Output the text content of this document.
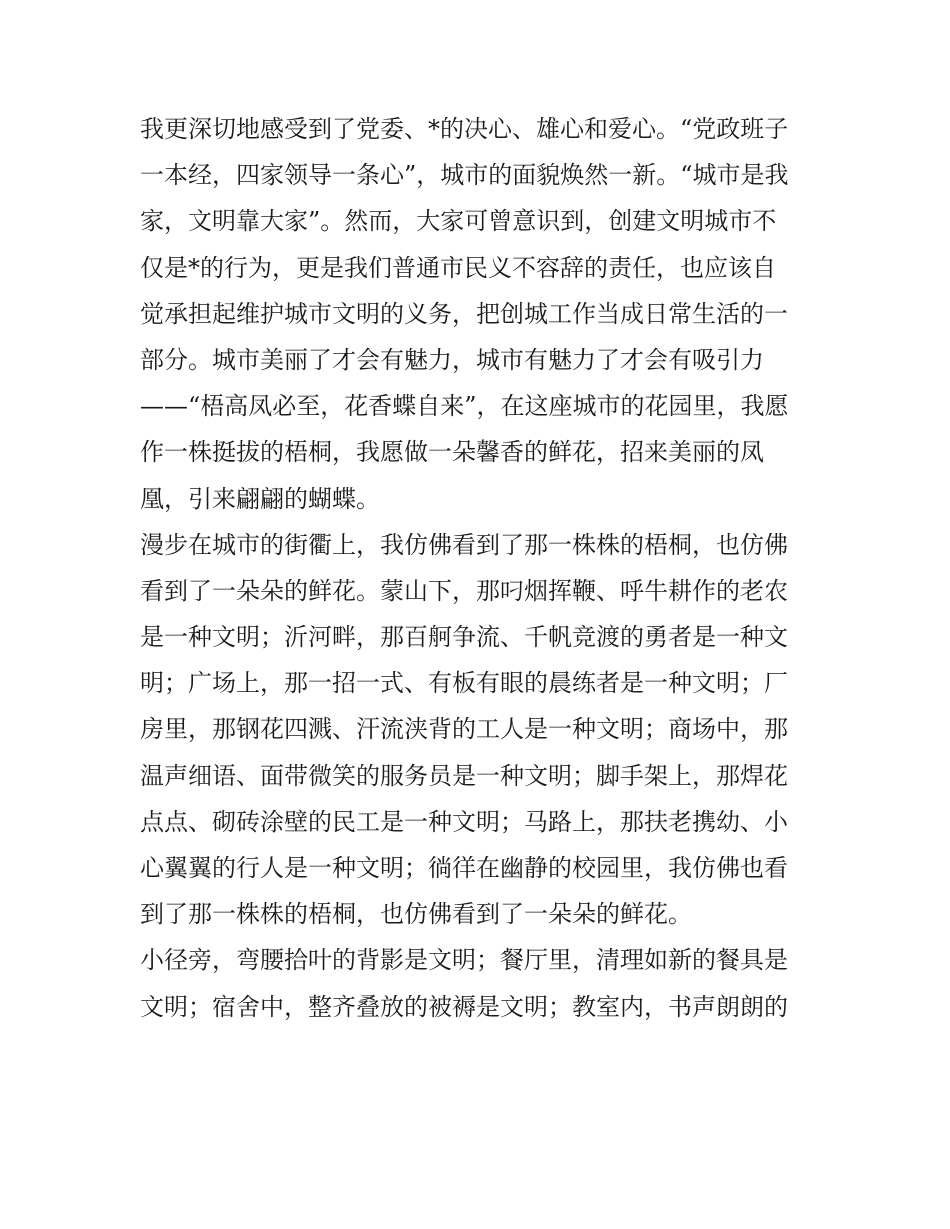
我更深切地感受到了党委、*的决心、雄心和爱心。“党政班子
一本经，四家领导一条心”，城市的面貌焕然一新。“城市是我
家，文明靠大家”。然而，大家可曾意识到，创建文明城市不
仅是*的行为，更是我们普通市民义不容辞的责任，也应该自
觉承担起维护城市文明的义务，把创城工作当成日常生活的一
部分。城市美丽了才会有魅力，城市有魅力了才会有吸引力
——“梧高凤必至，花香蝶自来”，在这座城市的花园里，我愿
作一株挺拔的梧桐，我愿做一朵馨香的鲜花，招来美丽的凤
凰，引来翩翩的蝴蝶。
漫步在城市的街衢上，我仿佛看到了那一株株的梧桐，也仿佛
看到了一朵朵的鲜花。蒙山下，那叼烟挥鞭、呼牛耕作的老农
是一种文明；沂河畔，那百舸争流、千帆竞渡的勇者是一种文
明；广场上，那一招一式、有板有眼的晨练者是一种文明；厂
房里，那钢花四溅、汗流浃背的工人是一种文明；商场中，那
温声细语、面带微笑的服务员是一种文明；脚手架上，那焊花
点点、砌砖涂壁的民工是一种文明；马路上，那扶老携幼、小
心翼翼的行人是一种文明；徜徉在幽静的校园里，我仿佛也看
到了那一株株的梧桐，也仿佛看到了一朵朵的鲜花。
小径旁，弯腰拾叶的背影是文明；餐厅里，清理如新的餐具是
文明；宿舍中，整齐叠放的被褥是文明；教室内，书声朗朗的
